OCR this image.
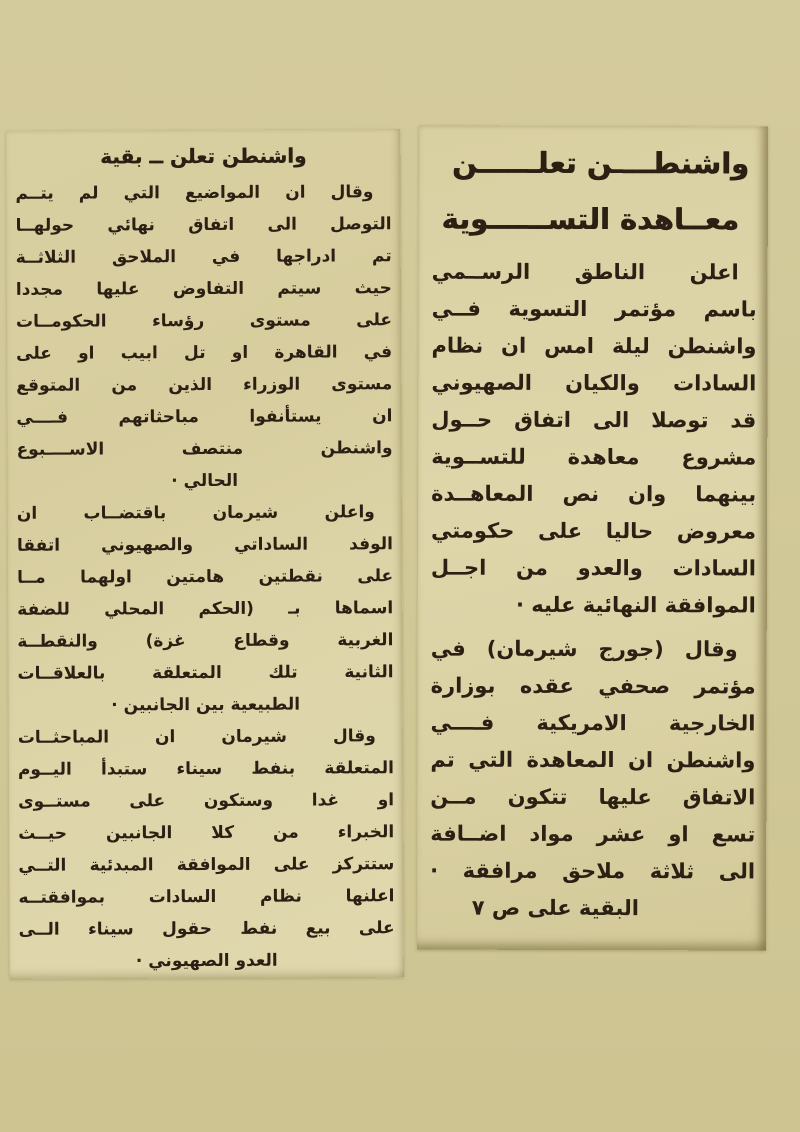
واشنطــــن تعلــــــن
معــاهدة التســــــوية
اعلن الناطق الرســمي
باسم مؤتمر التسوية فــي
واشنطن ليلة امس ان نظام
السادات والكيان الصهيوني
قد توصلا الى اتفاق حــول
مشروع معاهدة للتســوية
بينهما وان نص المعاهــدة
معروض حاليا على حكومتي
السادات والعدو من اجــل
الموافقة النهائية عليه ·
وقال (جورج شيرمان) في
مؤتمر صحفي عقده بوزارة
الخارجية الامريكية فــــي
واشنطن ان المعاهدة التي تم
الاتفاق عليها تتكون مــن
تسع او عشر مواد اضــافة
الى ثلاثة ملاحق مرافقة ·
البقية على ص ٧
واشنطن تعلن ــ بقية
وقال ان المواضيع التي لم يتــم
التوصل الى اتفاق نهائي حولهــا
تم ادراجها في الملاحق الثلاثــة
حيث سيتم التفاوض عليها مجددا
على مستوى رؤساء الحكومــات
في القاهرة او تل ابيب او على
مستوى الوزراء الذين من المتوقع
ان يستأنفوا مباحثاتهم فــــي
واشنطن منتصف الاســــبوع
الحالي ·
واعلن شيرمان باقتضــاب ان
الوفد الساداتي والصهيوني اتفقا
على نقطتين هامتين اولهما مــا
اسماها بـ (الحكم المحلي للضفة
الغربية وقطاع غزة) والنقطــة
الثانية تلك المتعلقة بالعلاقــات
الطبيعية بين الجانبين ·
وقال شيرمان ان المباحثــات
المتعلقة بنفط سيناء ستبدأ اليــوم
او غدا وستكون على مستــوى
الخبراء من كلا الجانبين حيــث
ستتركز على الموافقة المبدئية التــي
اعلنها نظام السادات بموافقتــه
على بيع نفط حقول سيناء الــى
العدو الصهيوني ·
